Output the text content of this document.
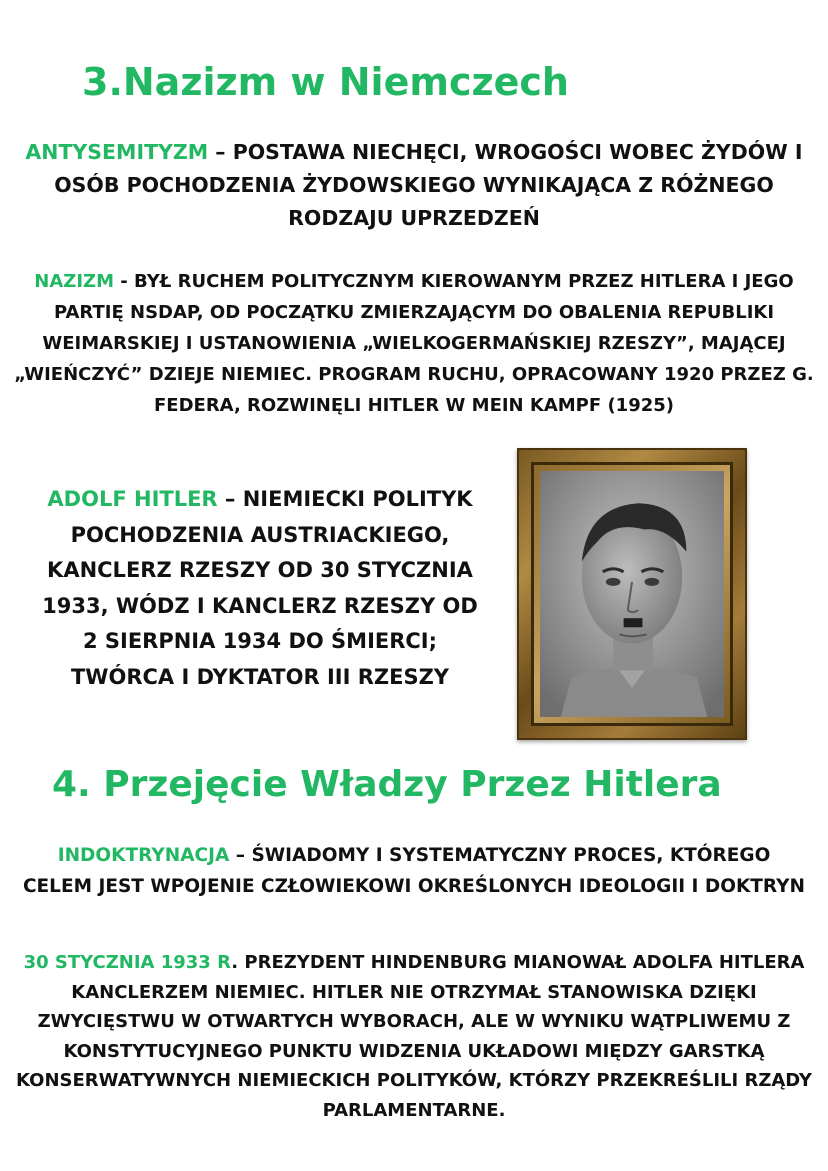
3.Nazizm w Niemczech
ANTYSEMITYZM – POSTAWA NIECHĘCI, WROGOŚCI WOBEC ŻYDÓW I OSÓB POCHODZENIA ŻYDOWSKIEGO WYNIKAJĄCA Z RÓŻNEGO RODZAJU UPRZEDZEŃ
NAZIZM - BYŁ RUCHEM POLITYCZNYM KIEROWANYM PRZEZ HITLERA I JEGO PARTIĘ NSDAP, OD POCZĄTKU ZMIERZAJĄCYM DO OBALENIA REPUBLIKI WEIMARSKIEJ I USTANOWIENIA „WIELKOGERMAŃSKIEJ RZESZY”, MAJĄCEJ „WIEŃCZYĆ” DZIEJE NIEMIEC. PROGRAM RUCHU, OPRACOWANY 1920 PRZEZ G. FEDERA, ROZWINĘLI HITLER W MEIN KAMPF (1925)
ADOLF HITLER – NIEMIECKI POLITYK POCHODZENIA AUSTRIACKIEGO, KANCLERZ RZESZY OD 30 STYCZNIA 1933, WÓDZ I KANCLERZ RZESZY OD 2 SIERPNIA 1934 DO ŚMIERCI; TWÓRCA I DYKTATOR III RZESZY
4. Przejęcie Władzy Przez Hitlera
INDOKTRYNACJA – ŚWIADOMY I SYSTEMATYCZNY PROCES, KTÓREGO CELEM JEST WPOJENIE CZŁOWIEKOWI OKREŚLONYCH IDEOLOGII I DOKTRYN
30 STYCZNIA 1933 R. PREZYDENT HINDENBURG MIANOWAŁ ADOLFA HITLERA KANCLERZEM NIEMIEC. HITLER NIE OTRZYMAŁ STANOWISKA DZIĘKI ZWYCIĘSTWU W OTWARTYCH WYBORACH, ALE W WYNIKU WĄTPLIWEMU Z KONSTYTUCYJNEGO PUNKTU WIDZENIA UKŁADOWI MIĘDZY GARSTKĄ KONSERWATYWNYCH NIEMIECKICH POLITYKÓW, KTÓRZY PRZEKREŚLILI RZĄDY PARLAMENTARNE.
